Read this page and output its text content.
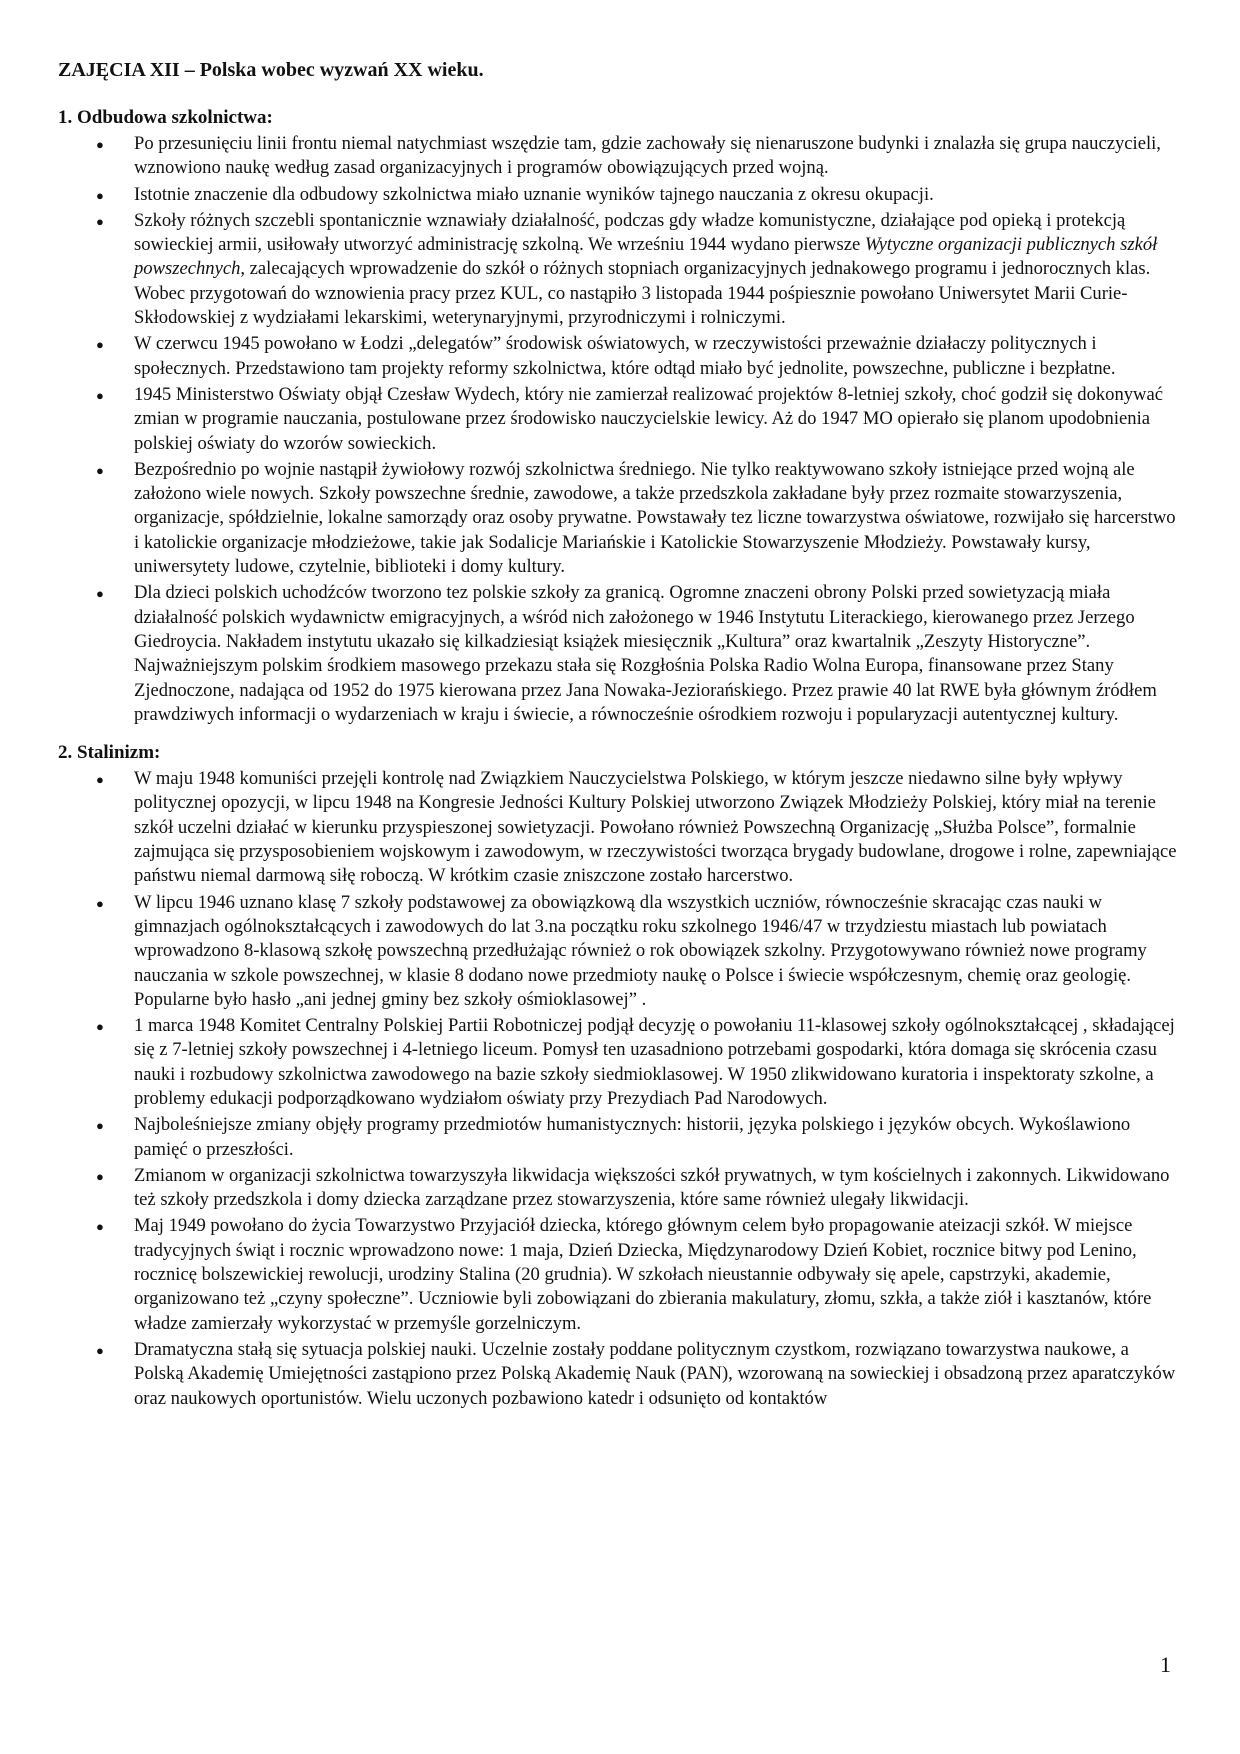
ZAJĘCIA XII – Polska wobec wyzwań XX wieku.
1. Odbudowa szkolnictwa:
● Po przesunięciu linii frontu niemal natychmiast wszędzie tam, gdzie zachowały się nienaruszone budynki i znalazła się grupa nauczycieli, wznowiono naukę według zasad organizacyjnych i programów obowiązujących przed wojną.
● Istotnie znaczenie dla odbudowy szkolnictwa miało uznanie wyników tajnego nauczania z okresu okupacji.
● Szkoły różnych szczebli spontanicznie wznawiały działalność, podczas gdy władze komunistyczne, działające pod opieką i protekcją sowieckiej armii, usiłowały utworzyć administrację szkolną. We wrześniu 1944 wydano pierwsze Wytyczne organizacji publicznych szkół powszechnych, zalecających wprowadzenie do szkół o różnych stopniach organizacyjnych jednakowego programu i jednorocznych klas. Wobec przygotowań do wznowienia pracy przez KUL, co nastąpiło 3 listopada 1944 pośpiesznie powołano Uniwersytet Marii Curie-Skłodowskiej z wydziałami lekarskimi, weterynaryjnymi, przyrodniczymi i rolniczymi.
● W czerwcu 1945 powołano w Łodzi „delegatów” środowisk oświatowych, w rzeczywistości przeważnie działaczy politycznych i społecznych. Przedstawiono tam projekty reformy szkolnictwa, które odtąd miało być jednolite, powszechne, publiczne i bezpłatne.
● 1945 Ministerstwo Oświaty objął Czesław Wydech, który nie zamierzał realizować projektów 8-letniej szkoły, choć godził się dokonywać zmian w programie nauczania, postulowane przez środowisko nauczycielskie lewicy. Aż do 1947 MO opierało się planom upodobnienia polskiej oświaty do wzorów sowieckich.
● Bezpośrednio po wojnie nastąpił żywiołowy rozwój szkolnictwa średniego. Nie tylko reaktywowano szkoły istniejące przed wojną ale założono wiele nowych. Szkoły powszechne średnie, zawodowe, a także przedszkola zakładane były przez rozmaite stowarzyszenia, organizacje, spółdzielnie, lokalne samorządy oraz osoby prywatne. Powstawały tez liczne towarzystwa oświatowe, rozwijało się harcerstwo i katolickie organizacje młodzieżowe, takie jak Sodalicje Mariańskie i Katolickie Stowarzyszenie Młodzieży. Powstawały kursy, uniwersytety ludowe, czytelnie, biblioteki i domy kultury.
● Dla dzieci polskich uchodźców tworzono tez polskie szkoły za granicą. Ogromne znaczeni obrony Polski przed sowietyzacją miała działalność polskich wydawnictw emigracyjnych, a wśród nich założonego w 1946 Instytutu Literackiego, kierowanego przez Jerzego Giedroycia. Nakładem instytutu ukazało się kilkadziesiąt książek miesięcznik „Kultura” oraz kwartalnik „Zeszyty Historyczne”. Najważniejszym polskim środkiem masowego przekazu stała się Rozgłośnia Polska Radio Wolna Europa, finansowane przez Stany Zjednoczone, nadająca od 1952 do 1975 kierowana przez Jana Nowaka-Jeziorańskiego. Przez prawie 40 lat RWE była głównym źródłem prawdziwych informacji o wydarzeniach w kraju i świecie, a równocześnie ośrodkiem rozwoju i popularyzacji autentycznej kultury.
2. Stalinizm:
● W maju 1948 komuniści przejęli kontrolę nad Związkiem Nauczycielstwa Polskiego, w którym jeszcze niedawno silne były wpływy politycznej opozycji, w lipcu 1948 na Kongresie Jedności Kultury Polskiej utworzono Związek Młodzieży Polskiej, który miał na terenie szkół uczelni działać w kierunku przyspieszonej sowietyzacji. Powołano również Powszechną Organizację „Służba Polsce”, formalnie zajmująca się przysposobieniem wojskowym i zawodowym, w rzeczywistości tworząca brygady budowlane, drogowe i rolne, zapewniające państwu niemal darmową siłę roboczą. W krótkim czasie zniszczone zostało harcerstwo.
● W lipcu 1946 uznano klasę 7 szkoły podstawowej za obowiązkową dla wszystkich uczniów, równocześnie skracając czas nauki w gimnazjach ogólnokształcących i zawodowych do lat 3.na początku roku szkolnego 1946/47 w trzydziestu miastach lub powiatach wprowadzono 8-klasową szkołę powszechną przedłużając również o rok obowiązek szkolny. Przygotowywano również nowe programy nauczania w szkole powszechnej, w klasie 8 dodano nowe przedmioty naukę o Polsce i świecie współczesnym, chemię oraz geologię. Popularne było hasło „ani jednej gminy bez szkoły ośmioklasowej” .
● 1 marca 1948 Komitet Centralny Polskiej Partii Robotniczej podjął decyzję o powołaniu 11-klasowej szkoły ogólnokształcącej , składającej się z 7-letniej szkoły powszechnej i 4-letniego liceum. Pomysł ten uzasadniono potrzebami gospodarki, która domaga się skrócenia czasu nauki i rozbudowy szkolnictwa zawodowego na bazie szkoły siedmioklasowej. W 1950 zlikwidowano kuratoria i inspektoraty szkolne, a problemy edukacji podporządkowano wydziałom oświaty przy Prezydiach Pad Narodowych.
● Najboleśniejsze zmiany objęły programy przedmiotów humanistycznych: historii, języka polskiego i języków obcych. Wykoślawiono pamięć o przeszłości.
● Zmianom w organizacji szkolnictwa towarzyszyła likwidacja większości szkół prywatnych, w tym kościelnych i zakonnych. Likwidowano też szkoły przedszkola i domy dziecka zarządzane przez stowarzyszenia, które same również ulegały likwidacji.
● Maj 1949 powołano do życia Towarzystwo Przyjaciół dziecka, którego głównym celem było propagowanie ateizacji szkół. W miejsce tradycyjnych świąt i rocznic wprowadzono nowe: 1 maja, Dzień Dziecka, Międzynarodowy Dzień Kobiet, rocznice bitwy pod Lenino, rocznicę bolszewickiej rewolucji, urodziny Stalina (20 grudnia). W szkołach nieustannie odbywały się apele, capstrzyki, akademie, organizowano też „czyny społeczne”. Uczniowie byli zobowiązani do zbierania makulatury, złomu, szkła, a także ziół i kasztanów, które władze zamierzały wykorzystać w przemyśle gorzelniczym.
● Dramatyczna stałą się sytuacja polskiej nauki. Uczelnie zostały poddane politycznym czystkom, rozwiązano towarzystwa naukowe, a Polską Akademię Umiejętności zastąpiono przez Polską Akademię Nauk (PAN), wzorowaną na sowieckiej i obsadzoną przez aparatczyków oraz naukowych oportunistów. Wielu uczonych pozbawiono katedr i odsunięto od kontaktów
1
